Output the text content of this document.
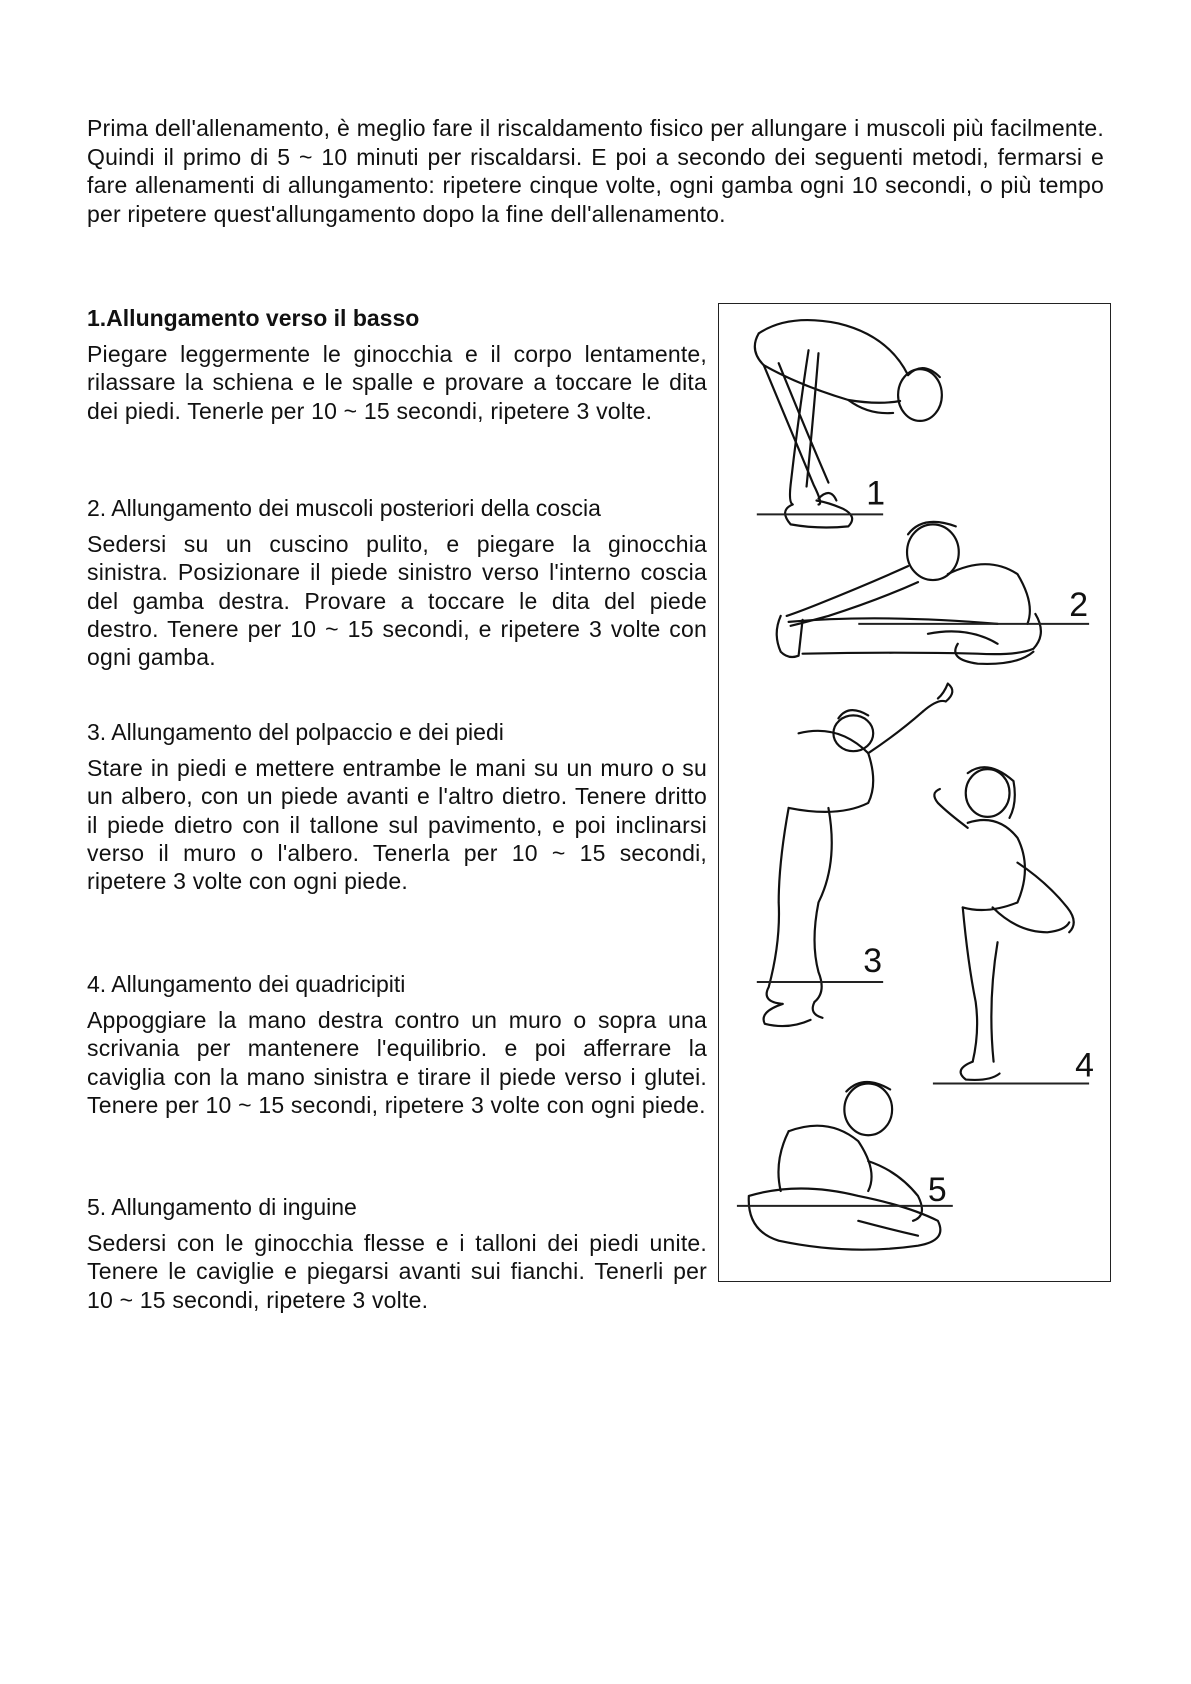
Prima dell'allenamento, è meglio fare il riscaldamento fisico per allungare i muscoli più facilmente. Quindi il primo di 5 ~ 10 minuti per riscaldarsi. E poi a secondo dei seguenti metodi, fermarsi e fare allenamenti di allungamento: ripetere cinque volte, ogni gamba ogni 10 secondi, o più tempo per ripetere quest'allungamento dopo la fine dell'allenamento.

1.Allungamento verso il basso

Piegare leggermente le ginocchia e il corpo lentamente, rilassare la schiena e le spalle e provare a toccare le dita dei piedi. Tenerle per 10 ~ 15 secondi, ripetere 3 volte.

2. Allungamento dei muscoli posteriori della coscia

Sedersi su un cuscino pulito, e piegare la ginocchia sinistra. Posizionare il piede sinistro verso l'interno coscia del gamba destra. Provare a toccare le dita del piede destro. Tenere per 10 ~ 15 secondi, e ripetere 3 volte con ogni gamba.

3. Allungamento del polpaccio e dei piedi

Stare in piedi e mettere entrambe le mani su un muro o su un albero, con un piede avanti e l'altro dietro. Tenere dritto il piede dietro con il tallone sul pavimento, e poi inclinarsi verso il muro o l'albero. Tenerla per 10 ~ 15 secondi, ripetere 3 volte con ogni piede.

4. Allungamento dei quadricipiti

Appoggiare la mano destra contro un muro o sopra una scrivania per mantenere l'equilibrio. e poi afferrare la caviglia con la mano sinistra e tirare il piede verso i glutei. Tenere per 10 ~ 15 secondi, ripetere 3 volte con ogni piede.

5. Allungamento di inguine

Sedersi con le ginocchia flesse e i talloni dei piedi unite. Tenere le caviglie e piegarsi avanti sui fianchi. Tenerli per 10 ~ 15 secondi, ripetere 3 volte.

1
2
3
4
5
